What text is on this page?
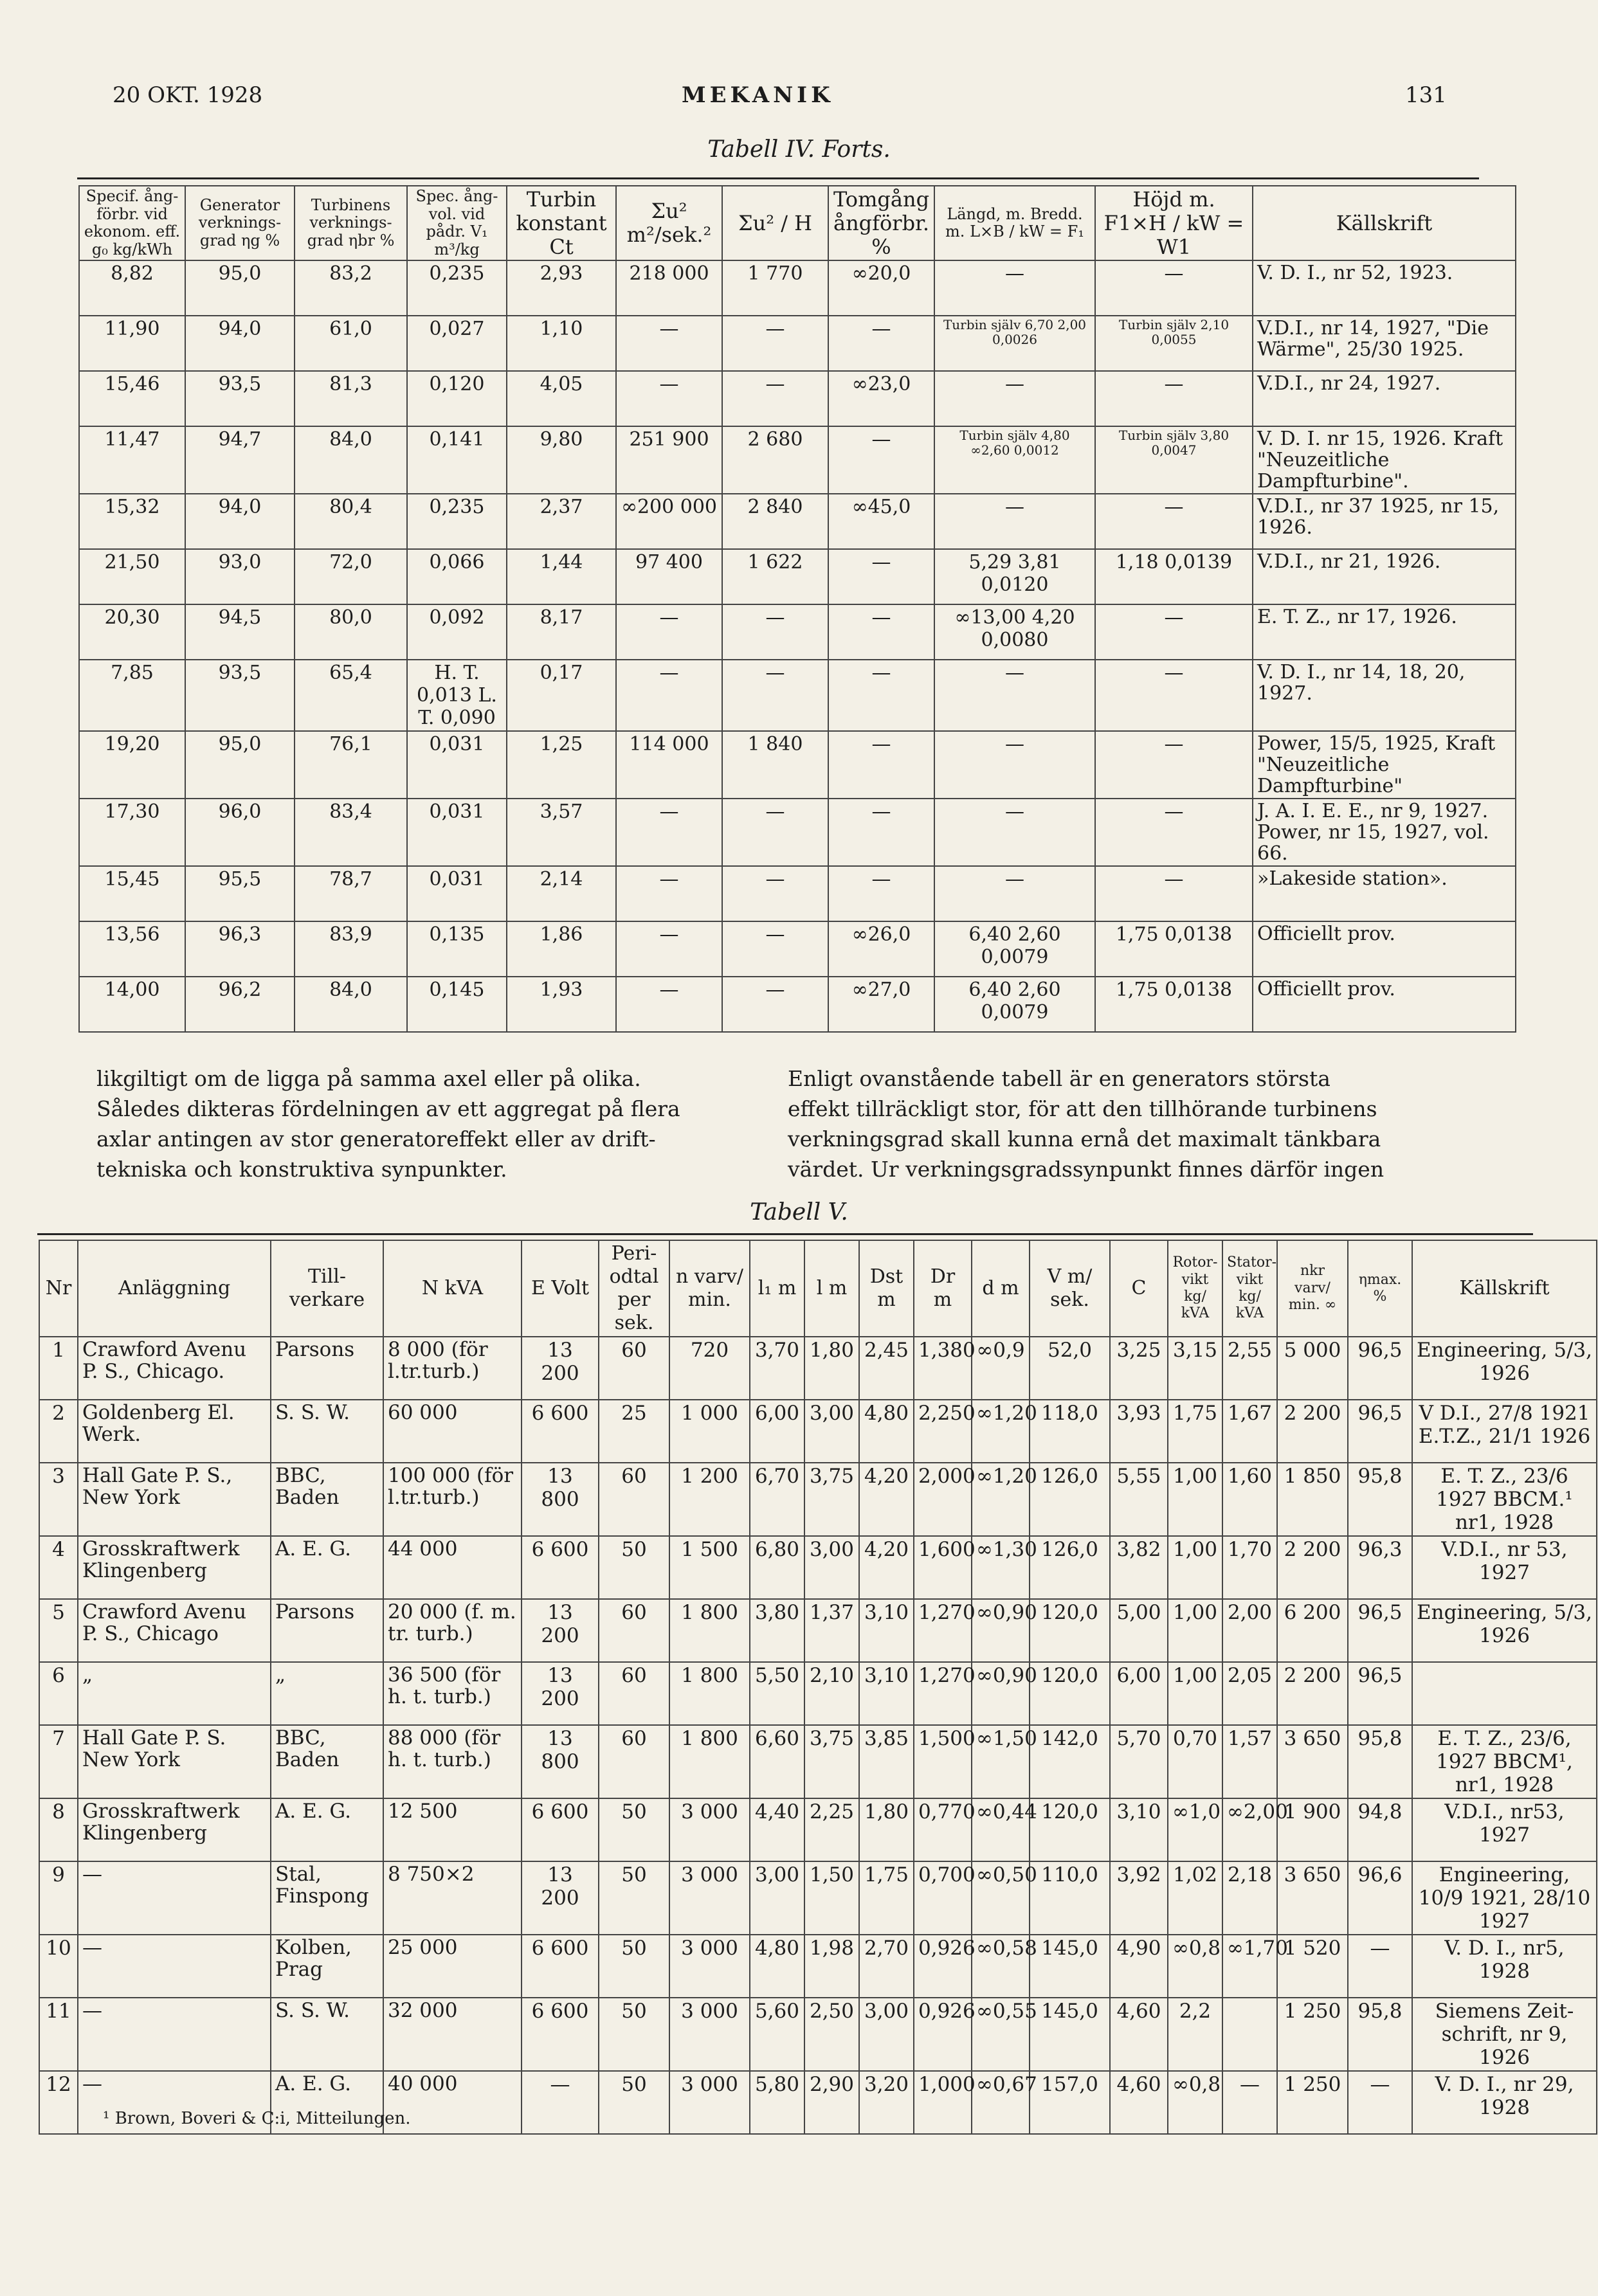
20 OKT. 1928	MEKANIK	131
Tabell IV. Forts.
Specif. ång-förbr. vid ekonom. eff. g₀ kg/kWh	Generator verknings-grad ηg %	Turbinens verknings-grad ηbr %	Spec. ång-vol. vid pådr. V₁ m³/kg	Turbin konstant Ct	Σu² m²/sek.²	Σu² / H	Tomgång ångförbr. %	Längd, m. Bredd. m. L×B / kW = F₁	Höjd m. F1×H / kW = W1	Källskrift
8,82	95,0	83,2	0,235	2,93	218 000	1 770	∞20,0	—	—	V. D. I., nr 52, 1923.
11,90	94,0	61,0	0,027	1,10	—	—	—	Turbin själv 6,70 2,00 0,0026	Turbin själv 2,10 0,0055	V.D.I., nr 14, 1927, "Die Wärme", 25/30 1925.
15,46	93,5	81,3	0,120	4,05	—	—	∞23,0	—	—	V.D.I., nr 24, 1927.
11,47	94,7	84,0	0,141	9,80	251 900	2 680	—	Turbin själv 4,80 ∞2,60 0,0012	Turbin själv 3,80 0,0047	V. D. I. nr 15, 1926. Kraft "Neuzeitliche Dampfturbine".
15,32	94,0	80,4	0,235	2,37	∞200 000	2 840	∞45,0	—	—	V.D.I., nr 37 1925, nr 15, 1926.
21,50	93,0	72,0	0,066	1,44	97 400	1 622	—	5,29 3,81 0,0120	1,18 0,0139	V.D.I., nr 21, 1926.
20,30	94,5	80,0	0,092	8,17	—	—	—	∞13,00 4,20 0,0080	—	E. T. Z., nr 17, 1926.
7,85	93,5	65,4	H. T. 0,013 L. T. 0,090	0,17	—	—	—	—	—	V. D. I., nr 14, 18, 20, 1927.
19,20	95,0	76,1	0,031	1,25	114 000	1 840	—	—	—	Power, 15/5, 1925, Kraft "Neuzeitliche Dampfturbine"
17,30	96,0	83,4	0,031	3,57	—	—	—	—	—	J. A. I. E. E., nr 9, 1927. Power, nr 15, 1927, vol. 66.
15,45	95,5	78,7	0,031	2,14	—	—	—	—	—	»Lakeside station».
13,56	96,3	83,9	0,135	1,86	—	—	∞26,0	6,40 2,60 0,0079	1,75 0,0138	Officiellt prov.
14,00	96,2	84,0	0,145	1,93	—	—	∞27,0	6,40 2,60 0,0079	1,75 0,0138	Officiellt prov.
likgiltigt om de ligga på samma axel eller på olika.
Således dikteras fördelningen av ett aggregat på flera
axlar antingen av stor generatoreffekt eller av drift-
tekniska och konstruktiva synpunkter.
Enligt ovanstående tabell är en generators största
effekt tillräckligt stor, för att den tillhörande turbinens
verkningsgrad skall kunna ernå det maximalt tänkbara
värdet. Ur verkningsgradssynpunkt finnes därför ingen
Tabell V.
Nr	Anläggning	Till-verkare	N kVA	E Volt	Peri-odtal per sek.	n varv/ min.	l₁ m	l m	Dst m	Dr m	d m	V m/ sek.	C	Rotor-vikt kg/ kVA	Stator-vikt kg/ kVA	nkr varv/ min. ∞	ηmax. %	Källskrift
1	Crawford Avenu P. S., Chicago.	Parsons	8 000 (för l.tr.turb.)	13 200	60	720	3,70	1,80	2,45	1,380	∞0,9	52,0	3,25	3,15	2,55	5 000	96,5	Engineering, 5/3, 1926
2	Goldenberg El. Werk.	S. S. W.	60 000	6 600	25	1 000	6,00	3,00	4,80	2,250	∞1,20	118,0	3,93	1,75	1,67	2 200	96,5	V D.I., 27/8 1921 E.T.Z., 21/1 1926
3	Hall Gate P. S., New York	BBC, Baden	100 000 (för l.tr.turb.)	13 800	60	1 200	6,70	3,75	4,20	2,000	∞1,20	126,0	5,55	1,00	1,60	1 850	95,8	E. T. Z., 23/6 1927 BBCM.¹ nr1, 1928
4	Grosskraftwerk Klingenberg	A. E. G.	44 000	6 600	50	1 500	6,80	3,00	4,20	1,600	∞1,30	126,0	3,82	1,00	1,70	2 200	96,3	V.D.I., nr 53, 1927
5	Crawford Avenu P. S., Chicago	Parsons	20 000 (f. m. tr. turb.)	13 200	60	1 800	3,80	1,37	3,10	1,270	∞0,90	120,0	5,00	1,00	2,00	6 200	96,5	Engineering, 5/3, 1926
6	„	„	36 500 (för h. t. turb.)	13 200	60	1 800	5,50	2,10	3,10	1,270	∞0,90	120,0	6,00	1,00	2,05	2 200	96,5	
7	Hall Gate P. S. New York	BBC, Baden	88 000 (för h. t. turb.)	13 800	60	1 800	6,60	3,75	3,85	1,500	∞1,50	142,0	5,70	0,70	1,57	3 650	95,8	E. T. Z., 23/6, 1927 BBCM¹, nr1, 1928
8	Grosskraftwerk Klingenberg	A. E. G.	12 500	6 600	50	3 000	4,40	2,25	1,80	0,770	∞0,44	120,0	3,10	∞1,0	∞2,00	1 900	94,8	V.D.I., nr53, 1927
9	—	Stal, Finspong	8 750×2	13 200	50	3 000	3,00	1,50	1,75	0,700	∞0,50	110,0	3,92	1,02	2,18	3 650	96,6	Engineering, 10/9 1921, 28/10 1927
10	—	Kolben, Prag	25 000	6 600	50	3 000	4,80	1,98	2,70	0,926	∞0,58	145,0	4,90	∞0,8	∞1,70	1 520	—	V. D. I., nr5, 1928
11	—	S. S. W.	32 000	6 600	50	3 000	5,60	2,50	3,00	0,926	∞0,55	145,0	4,60	2,2		1 250	95,8	Siemens Zeit-schrift, nr 9, 1926
12	—	A. E. G.	40 000	—	50	3 000	5,80	2,90	3,20	1,000	∞0,67	157,0	4,60	∞0,8	—	1 250	—	V. D. I., nr 29, 1928
¹ Brown, Boveri & C:i, Mitteilungen.
